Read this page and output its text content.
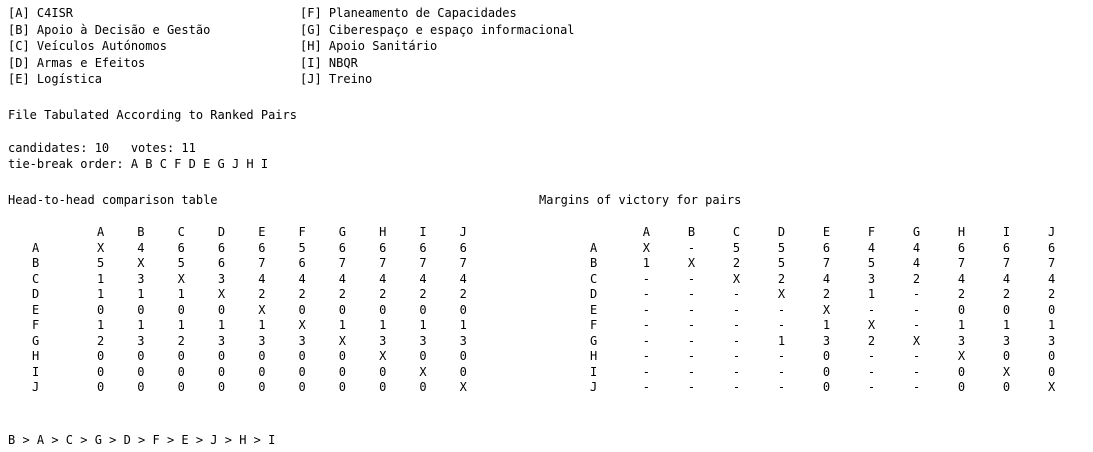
[A] C4ISR
[B] Apoio à Decisão e Gestão
[C] Veículos Autónomos
[D] Armas e Efeitos
[E] Logística
[F] Planeamento de Capacidades
[G] Ciberespaço e espaço informacional
[H] Apoio Sanitário
[I] NBQR
[J] Treino
File Tabulated According to Ranked Pairs
candidates: 10   votes: 11
tie-break order: A B C F D E G J H I
Head-to-head comparison table	Margins of victory for pairs
	A	B	C	D	E	F	G	H	I	J
A	X	4	6	6	6	5	6	6	6	6
B	5	X	5	6	7	6	7	7	7	7
C	1	3	X	3	4	4	4	4	4	4
D	1	1	1	X	2	2	2	2	2	2
E	0	0	0	0	X	0	0	0	0	0
F	1	1	1	1	1	X	1	1	1	1
G	2	3	2	3	3	3	X	3	3	3
H	0	0	0	0	0	0	0	X	0	0
I	0	0	0	0	0	0	0	0	X	0
J	0	0	0	0	0	0	0	0	0	X
	A	B	C	D	E	F	G	H	I	J
A	X	-	5	5	6	4	4	6	6	6
B	1	X	2	5	7	5	4	7	7	7
C	-	-	X	2	4	3	2	4	4	4
D	-	-	-	X	2	1	-	2	2	2
E	-	-	-	-	X	-	-	0	0	0
F	-	-	-	-	1	X	-	1	1	1
G	-	-	-	1	3	2	X	3	3	3
H	-	-	-	-	0	-	-	X	0	0
I	-	-	-	-	0	-	-	0	X	0
J	-	-	-	-	0	-	-	0	0	X
B > A > C > G > D > F > E > J > H > I
